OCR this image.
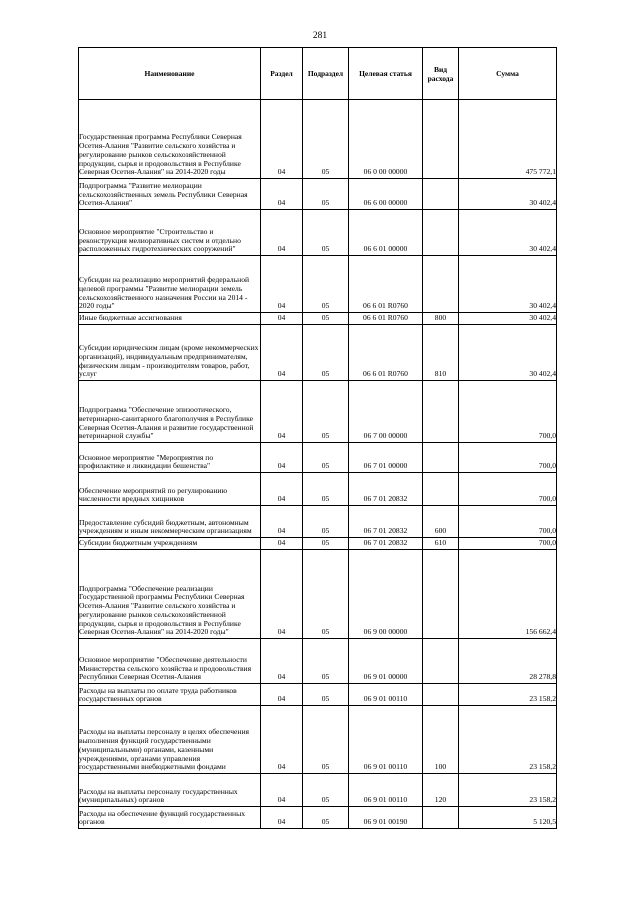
281
Наименование	Раздел	Подраздел	Целевая статья	Вид расхода	Сумма
Государственная программа Республики Северная Осетия-Алания "Развитие сельского хозяйства и регулирование рынков сельскохозяйственной продукции, сырья и продовольствия в Республике Северная Осетия-Алания" на 2014-2020 годы	04	05	06 0 00 00000		475 772,1
Подпрограмма "Развитие мелиорации сельскохозяйственных земель Республики Северная Осетия-Алания"	04	05	06 6 00 00000		30 402,4
Основное мероприятие "Строительство и реконструкция мелиоративных систем и отдельно расположенных гидротехнических сооружений"	04	05	06 6 01 00000		30 402,4
Субсидии на реализацию мероприятий федеральной целевой программы "Развитие мелиорации земель сельскохозяйственного назначения России на 2014 - 2020 годы"	04	05	06 6 01 R0760		30 402,4
Иные бюджетные ассигнования	04	05	06 6 01 R0760	800	30 402,4
Субсидии юридическим лицам (кроме некоммерческих организаций), индивидуальным предпринимателям, физическим лицам - производителям товаров, работ, услуг	04	05	06 6 01 R0760	810	30 402,4
Подпрограмма "Обеспечение эпизоотического, ветеринарно-санитарного благополучия в Республике Северная Осетия-Алания и развитие государственной ветеринарной службы"	04	05	06 7 00 00000		700,0
Основное мероприятие "Мероприятия по профилактике и ликвидации бешенства"	04	05	06 7 01 00000		700,0
Обеспечение мероприятий по регулированию численности вредных хищников	04	05	06 7 01 20832		700,0
Предоставление субсидий бюджетным, автономным учреждениям и иным некоммерческим организациям	04	05	06 7 01 20832	600	700,0
Субсидии бюджетным учреждениям	04	05	06 7 01 20832	610	700,0
Подпрограмма "Обеспечение реализации Государственной программы Республики Северная Осетия-Алания "Развитие сельского хозяйства и регулирование рынков сельскохозяйственной продукции, сырья и продовольствия в Республике Северная Осетия-Алания" на 2014-2020 годы"	04	05	06 9 00 00000		156 662,4
Основное мероприятие "Обеспечение деятельности Министерства сельского хозяйства и продовольствия Республики Северная Осетия-Алания	04	05	06 9 01 00000		28 278,8
Расходы на выплаты по оплате труда работников государственных органов	04	05	06 9 01 00110		23 158,2
Расходы на выплаты персоналу в целях обеспечения выполнения функций государственными (муниципальными) органами, казенными учреждениями, органами управления государственными внебюджетными фондами	04	05	06 9 01 00110	100	23 158,2
Расходы на выплаты персоналу государственных (муниципальных) органов	04	05	06 9 01 00110	120	23 158,2
Расходы на обеспечение функций государственных органов	04	05	06 9 01 00190		5 120,5
